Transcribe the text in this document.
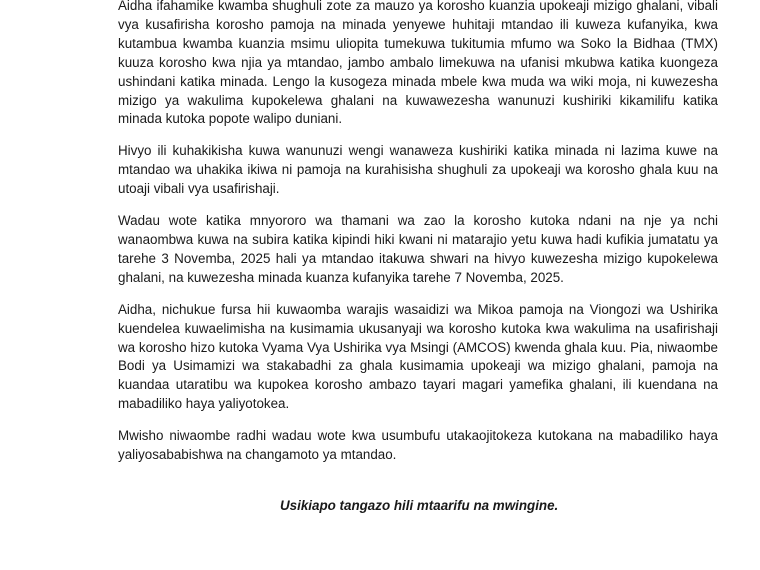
Aidha ifahamike kwamba shughuli zote za mauzo ya korosho kuanzia upokeaji mizigo ghalani, vibali vya kusafirisha korosho pamoja na minada yenyewe huhitaji mtandao ili kuweza kufanyika, kwa kutambua kwamba kuanzia msimu uliopita tumekuwa tukitumia mfumo wa Soko la Bidhaa (TMX) kuuza korosho kwa njia ya mtandao, jambo ambalo limekuwa na ufanisi mkubwa katika kuongeza ushindani katika minada. Lengo la kusogeza minada mbele kwa muda wa wiki moja, ni kuwezesha mizigo ya wakulima kupokelewa ghalani na kuwawezesha wanunuzi kushiriki kikamilifu katika minada kutoka popote walipo duniani.

Hivyo ili kuhakikisha kuwa wanunuzi wengi wanaweza kushiriki katika minada ni lazima kuwe na mtandao wa uhakika ikiwa ni pamoja na kurahisisha shughuli za upokeaji wa korosho ghala kuu na utoaji vibali vya usafirishaji.

Wadau wote katika mnyororo wa thamani wa zao la korosho kutoka ndani na nje ya nchi wanaombwa kuwa na subira katika kipindi hiki kwani ni matarajio yetu kuwa hadi kufikia jumatatu ya tarehe 3 Novemba, 2025 hali ya mtandao itakuwa shwari na hivyo kuwezesha mizigo kupokelewa ghalani, na kuwezesha minada kuanza kufanyika tarehe 7 Novemba, 2025.

Aidha, nichukue fursa hii kuwaomba warajis wasaidizi wa Mikoa pamoja na Viongozi wa Ushirika kuendelea kuwaelimisha na kusimamia ukusanyaji wa korosho kutoka kwa wakulima na usafirishaji wa korosho hizo kutoka Vyama Vya Ushirika vya Msingi (AMCOS) kwenda ghala kuu. Pia, niwaombe Bodi ya Usimamizi wa stakabadhi za ghala kusimamia upokeaji wa mizigo ghalani, pamoja na kuandaa utaratibu wa kupokea korosho ambazo tayari magari yamefika ghalani, ili kuendana na mabadiliko haya yaliyotokea.

Mwisho niwaombe radhi wadau wote kwa usumbufu utakaojitokeza kutokana na mabadiliko haya yaliyosababishwa na changamoto ya mtandao.

Usikiapo tangazo hili mtaarifu na mwingine.
